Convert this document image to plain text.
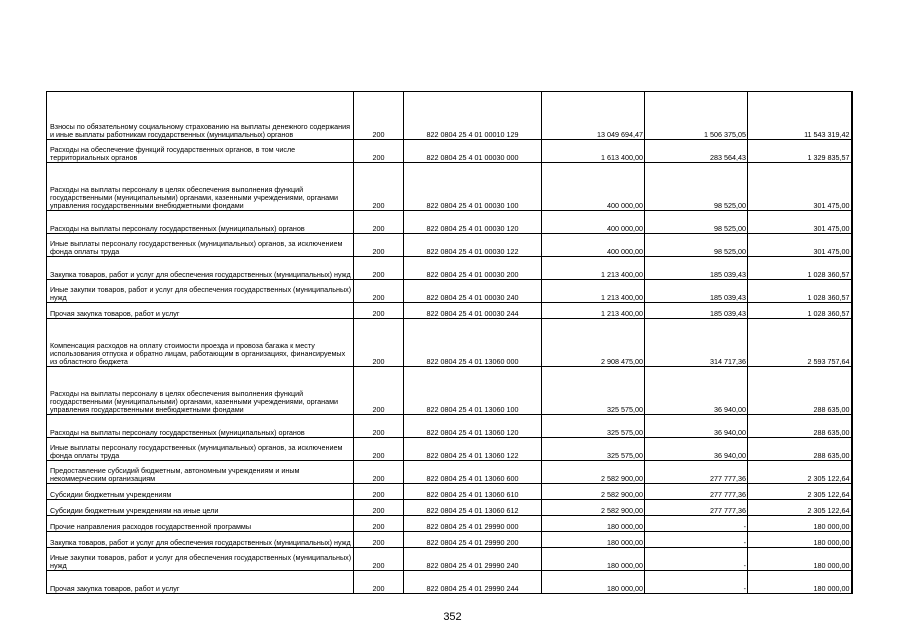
Взносы по обязательному социальному страхованию на выплаты денежного содержания и иные выплаты работникам государственных (муниципальных) органов	200	822 0804 25 4 01 00010 129	13 049 694,47	1 506 375,05	11 543 319,42
Расходы на обеспечение функций государственных органов, в том числе территориальных органов	200	822 0804 25 4 01 00030 000	1 613 400,00	283 564,43	1 329 835,57
Расходы на выплаты персоналу в целях обеспечения выполнения функций государственными (муниципальными) органами, казенными учреждениями, органами управления государственными внебюджетными фондами	200	822 0804 25 4 01 00030 100	400 000,00	98 525,00	301 475,00
Расходы на выплаты персоналу государственных (муниципальных) органов	200	822 0804 25 4 01 00030 120	400 000,00	98 525,00	301 475,00
Иные выплаты персоналу государственных (муниципальных) органов, за исключением фонда оплаты труда	200	822 0804 25 4 01 00030 122	400 000,00	98 525,00	301 475,00
Закупка товаров, работ и услуг для обеспечения государственных (муниципальных) нужд	200	822 0804 25 4 01 00030 200	1 213 400,00	185 039,43	1 028 360,57
Иные закупки товаров, работ и услуг для обеспечения государственных (муниципальных) нужд	200	822 0804 25 4 01 00030 240	1 213 400,00	185 039,43	1 028 360,57
Прочая закупка товаров, работ и услуг	200	822 0804 25 4 01 00030 244	1 213 400,00	185 039,43	1 028 360,57
Компенсация расходов на оплату стоимости проезда и провоза багажа к месту использования отпуска и обратно лицам, работающим в организациях, финансируемых из областного бюджета	200	822 0804 25 4 01 13060 000	2 908 475,00	314 717,36	2 593 757,64
Расходы на выплаты персоналу в целях обеспечения выполнения функций государственными (муниципальными) органами, казенными учреждениями, органами управления государственными внебюджетными фондами	200	822 0804 25 4 01 13060 100	325 575,00	36 940,00	288 635,00
Расходы на выплаты персоналу государственных (муниципальных) органов	200	822 0804 25 4 01 13060 120	325 575,00	36 940,00	288 635,00
Иные выплаты персоналу государственных (муниципальных) органов, за исключением фонда оплаты труда	200	822 0804 25 4 01 13060 122	325 575,00	36 940,00	288 635,00
Предоставление субсидий бюджетным, автономным учреждениям и иным некоммерческим организациям	200	822 0804 25 4 01 13060 600	2 582 900,00	277 777,36	2 305 122,64
Субсидии бюджетным учреждениям	200	822 0804 25 4 01 13060 610	2 582 900,00	277 777,36	2 305 122,64
Субсидии бюджетным учреждениям на иные цели	200	822 0804 25 4 01 13060 612	2 582 900,00	277 777,36	2 305 122,64
Прочие направления расходов государственной программы	200	822 0804 25 4 01 29990 000	180 000,00	-	180 000,00
Закупка товаров, работ и услуг для обеспечения государственных (муниципальных) нужд	200	822 0804 25 4 01 29990 200	180 000,00	-	180 000,00
Иные закупки товаров, работ и услуг для обеспечения государственных (муниципальных) нужд	200	822 0804 25 4 01 29990 240	180 000,00	-	180 000,00
Прочая закупка товаров, работ и услуг	200	822 0804 25 4 01 29990 244	180 000,00	-	180 000,00
352
